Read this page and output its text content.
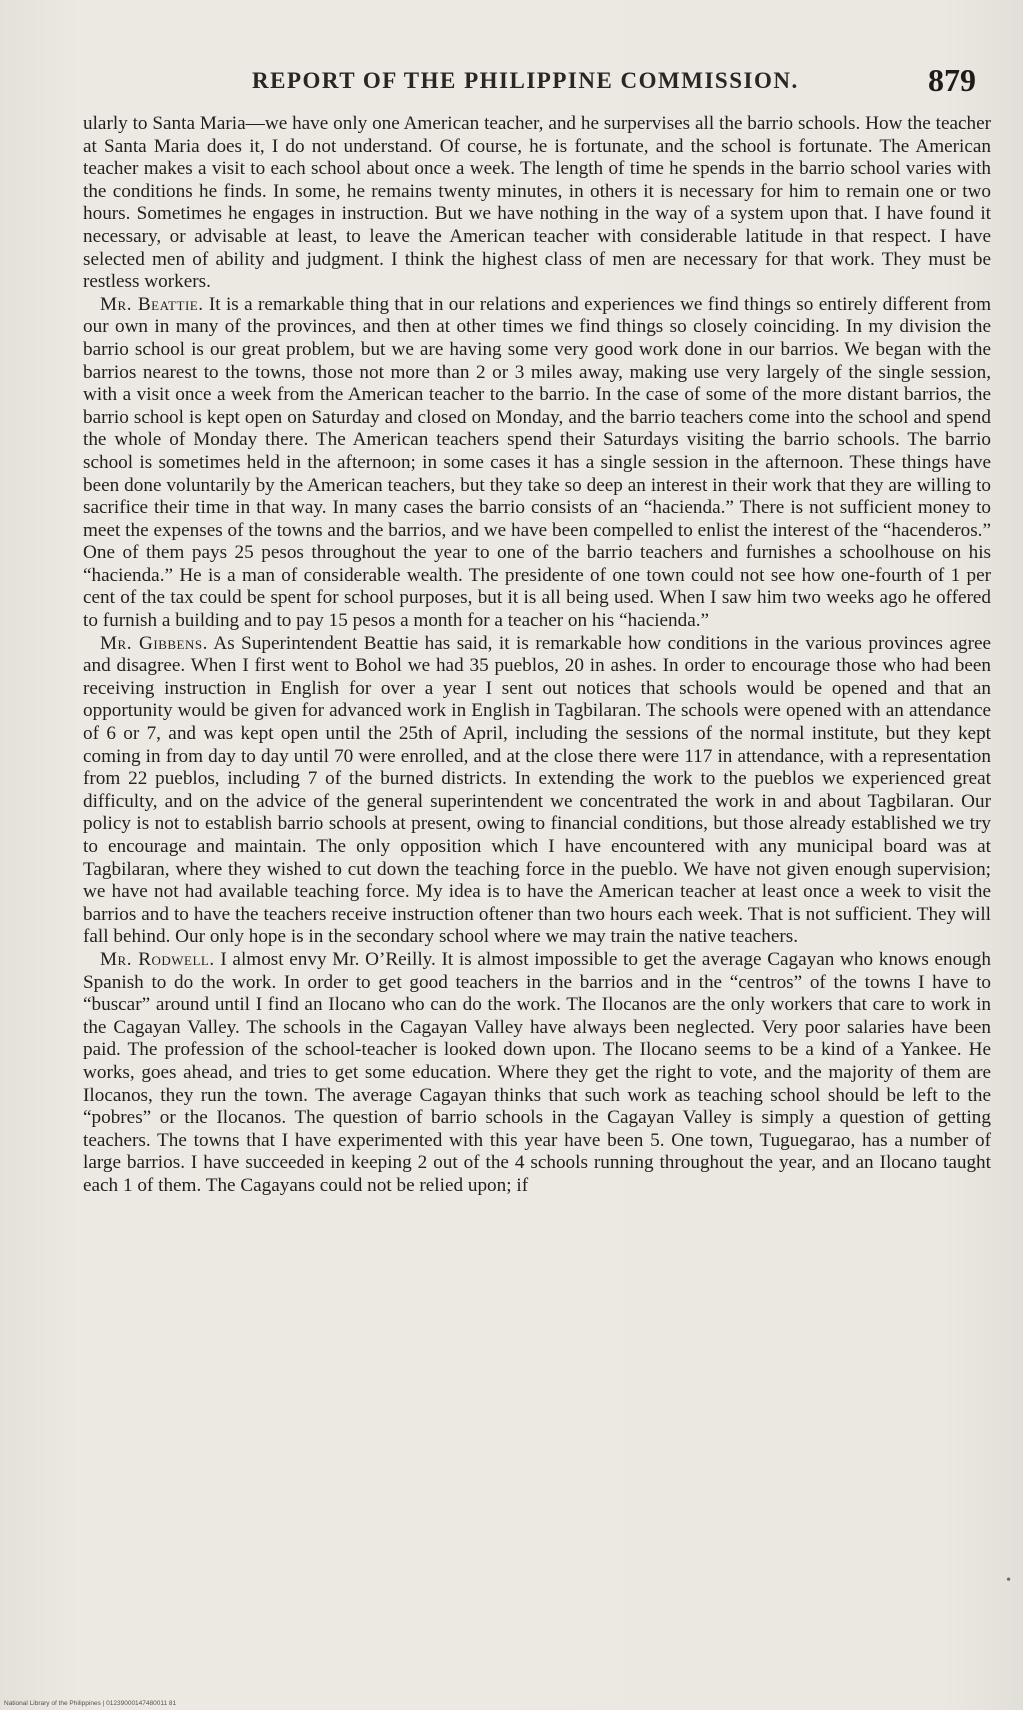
REPORT OF THE PHILIPPINE COMMISSION.	879

ularly to Santa Maria—we have only one American teacher, and he surpervises all the barrio schools. How the teacher at Santa Maria does it, I do not understand. Of course, he is fortunate, and the school is fortunate. The American teacher makes a visit to each school about once a week. The length of time he spends in the barrio school varies with the conditions he finds. In some, he remains twenty minutes, in others it is necessary for him to remain one or two hours. Sometimes he engages in instruction. But we have nothing in the way of a system upon that. I have found it necessary, or advisable at least, to leave the American teacher with considerable latitude in that respect. I have selected men of ability and judgment. I think the highest class of men are necessary for that work. They must be restless workers.

Mr. Beattie. It is a remarkable thing that in our relations and experiences we find things so entirely different from our own in many of the provinces, and then at other times we find things so closely coinciding. In my division the barrio school is our great problem, but we are having some very good work done in our barrios. We began with the barrios nearest to the towns, those not more than 2 or 3 miles away, making use very largely of the single session, with a visit once a week from the American teacher to the barrio. In the case of some of the more distant barrios, the barrio school is kept open on Saturday and closed on Monday, and the barrio teachers come into the school and spend the whole of Monday there. The American teachers spend their Saturdays visiting the barrio schools. The barrio school is sometimes held in the afternoon; in some cases it has a single session in the afternoon. These things have been done voluntarily by the American teachers, but they take so deep an interest in their work that they are willing to sacrifice their time in that way. In many cases the barrio consists of an “hacienda.” There is not sufficient money to meet the expenses of the towns and the barrios, and we have been compelled to enlist the interest of the “hacenderos.” One of them pays 25 pesos throughout the year to one of the barrio teachers and furnishes a schoolhouse on his “hacienda.” He is a man of considerable wealth. The presidente of one town could not see how one-fourth of 1 per cent of the tax could be spent for school purposes, but it is all being used. When I saw him two weeks ago he offered to furnish a building and to pay 15 pesos a month for a teacher on his “hacienda.”

Mr. Gibbens. As Superintendent Beattie has said, it is remarkable how conditions in the various provinces agree and disagree. When I first went to Bohol we had 35 pueblos, 20 in ashes. In order to encourage those who had been receiving instruction in English for over a year I sent out notices that schools would be opened and that an opportunity would be given for advanced work in English in Tagbilaran. The schools were opened with an attendance of 6 or 7, and was kept open until the 25th of April, including the sessions of the normal institute, but they kept coming in from day to day until 70 were enrolled, and at the close there were 117 in attendance, with a representation from 22 pueblos, including 7 of the burned districts. In extending the work to the pueblos we experienced great difficulty, and on the advice of the general superintendent we concentrated the work in and about Tagbilaran. Our policy is not to establish barrio schools at present, owing to financial conditions, but those already established we try to encourage and maintain. The only opposition which I have encountered with any municipal board was at Tagbilaran, where they wished to cut down the teaching force in the pueblo. We have not given enough supervision; we have not had available teaching force. My idea is to have the American teacher at least once a week to visit the barrios and to have the teachers receive instruction oftener than two hours each week. That is not sufficient. They will fall behind. Our only hope is in the secondary school where we may train the native teachers.

Mr. Rodwell. I almost envy Mr. O’Reilly. It is almost impossible to get the average Cagayan who knows enough Spanish to do the work. In order to get good teachers in the barrios and in the “centros” of the towns I have to “buscar” around until I find an Ilocano who can do the work. The Ilocanos are the only workers that care to work in the Cagayan Valley. The schools in the Cagayan Valley have always been neglected. Very poor salaries have been paid. The profession of the school-teacher is looked down upon. The Ilocano seems to be a kind of a Yankee. He works, goes ahead, and tries to get some education. Where they get the right to vote, and the majority of them are Ilocanos, they run the town. The average Cagayan thinks that such work as teaching school should be left to the “pobres” or the Ilocanos. The question of barrio schools in the Cagayan Valley is simply a question of getting teachers. The towns that I have experimented with this year have been 5. One town, Tuguegarao, has a number of large barrios. I have succeeded in keeping 2 out of the 4 schools running throughout the year, and an Ilocano taught each 1 of them. The Cagayans could not be relied upon; if

•
National Library of the Philippines | 01239000147480011 81
